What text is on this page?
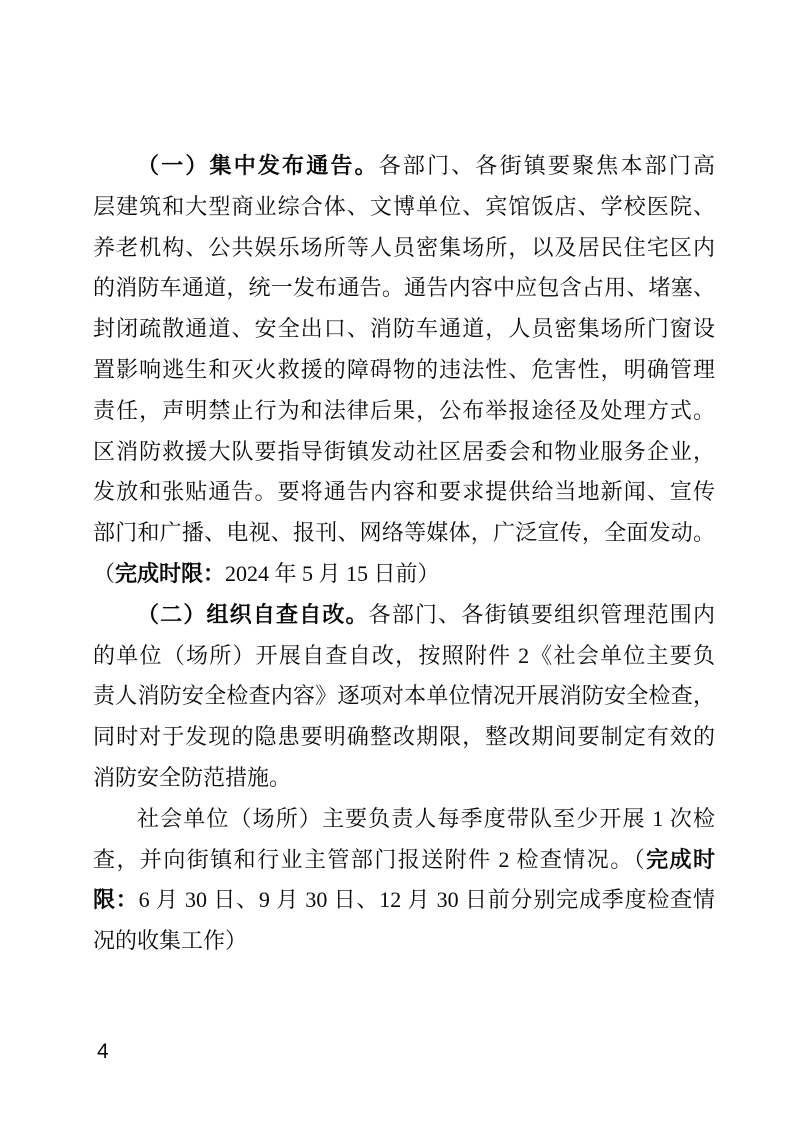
（一）集中发布通告。各部门、各街镇要聚焦本部门高
层建筑和大型商业综合体、文博单位、宾馆饭店、学校医院、
养老机构、公共娱乐场所等人员密集场所，以及居民住宅区内
的消防车通道，统一发布通告。通告内容中应包含占用、堵塞、
封闭疏散通道、安全出口、消防车通道，人员密集场所门窗设
置影响逃生和灭火救援的障碍物的违法性、危害性，明确管理
责任，声明禁止行为和法律后果，公布举报途径及处理方式。
区消防救援大队要指导街镇发动社区居委会和物业服务企业，
发放和张贴通告。要将通告内容和要求提供给当地新闻、宣传
部门和广播、电视、报刊、网络等媒体，广泛宣传，全面发动。
（完成时限：2024 年 5 月 15 日前）
（二）组织自查自改。各部门、各街镇要组织管理范围内
的单位（场所）开展自查自改，按照附件 2《社会单位主要负
责人消防安全检查内容》逐项对本单位情况开展消防安全检查，
同时对于发现的隐患要明确整改期限，整改期间要制定有效的
消防安全防范措施。
社会单位（场所）主要负责人每季度带队至少开展 1 次检
查，并向街镇和行业主管部门报送附件 2 检查情况。（完成时
限：6 月 30 日、9 月 30 日、12 月 30 日前分别完成季度检查情
况的收集工作）
4
